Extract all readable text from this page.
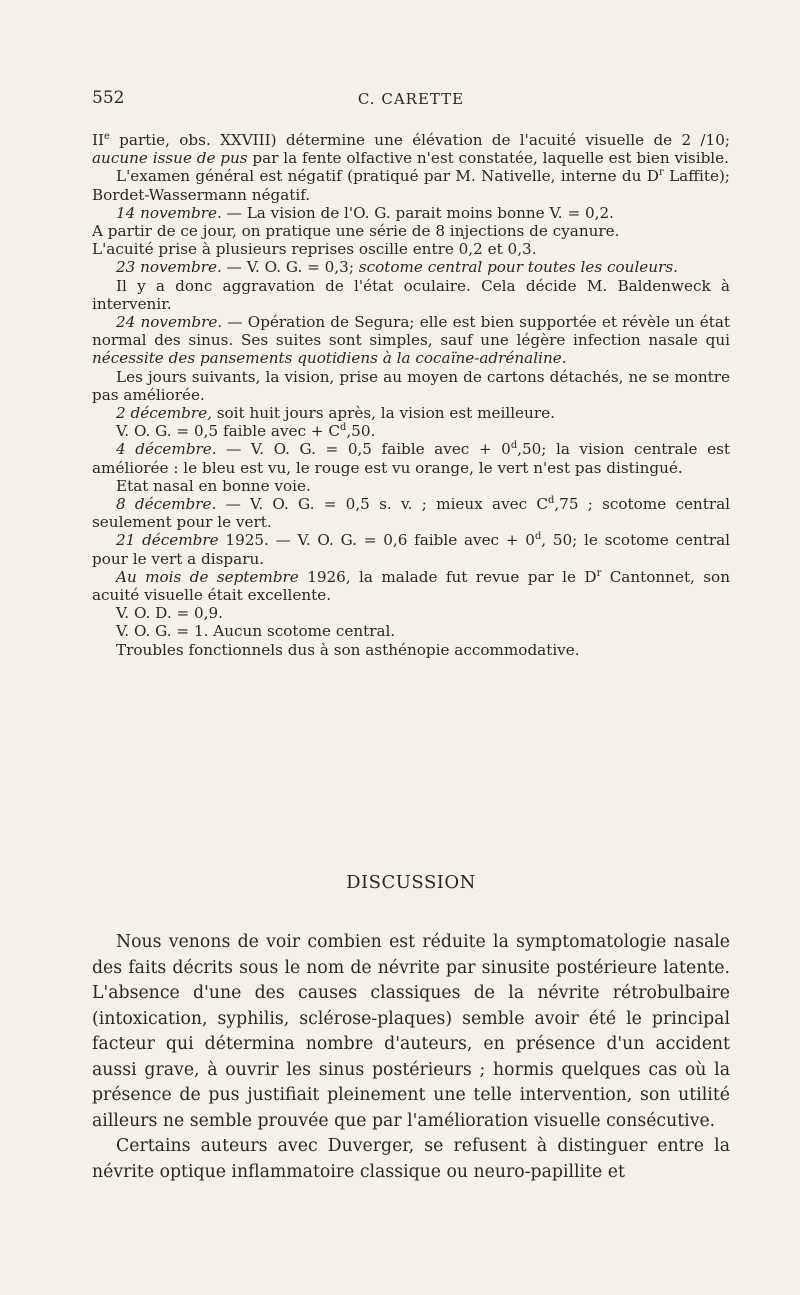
552	C. CARETTE

IIe partie, obs. XXVIII) détermine une élévation de l'acuité visuelle de 2 /10; aucune issue de pus par la fente olfactive n'est constatée, laquelle est bien visible.

L'examen général est négatif (pratiqué par M. Nativelle, interne du $D^r$ Laffite); Bordet-Wassermann négatif.

14 novembre. — La vision de l'O. G. parait moins bonne V. = 0,2.

A partir de ce jour, on pratique une série de 8 injections de cyanure.

L'acuité prise à plusieurs reprises oscille entre 0,2 et 0,3.

23 novembre. — V. O. G. = 0,3; scotome central pour toutes les couleurs.

Il y a donc aggravation de l'état oculaire. Cela décide M. Baldenweck à intervenir.

24 novembre. — Opération de Segura; elle est bien supportée et révèle un état normal des sinus. Ses suites sont simples, sauf une légère infection nasale qui nécessite des pansements quotidiens à la cocaïne-adrénaline.

Les jours suivants, la vision, prise au moyen de cartons détachés, ne se montre pas améliorée.

2 décembre, soit huit jours après, la vision est meilleure.

V. O. G. = 0,5 faible avec + $C^d,50$.

4 décembre. — V. O. G. = 0,5 faible avec + $0^d,50$; la vision centrale est améliorée : le bleu est vu, le rouge est vu orange, le vert n'est pas distingué.

Etat nasal en bonne voie.

8 décembre. — V. O. G. = 0,5 s. v. ; mieux avec $C^d,75$ ; scotome central seulement pour le vert.

21 décembre 1925. — V. O. G. = 0,6 faible avec + $0^d$, 50; le scotome central pour le vert a disparu.

Au mois de septembre 1926, la malade fut revue par le $D^r$ Cantonnet, son acuité visuelle était excellente.

V. O. D. = 0,9.

V. O. G. = 1. Aucun scotome central.

Troubles fonctionnels dus à son asthénopie accommodative.

DISCUSSION

Nous venons de voir combien est réduite la symptomatologie nasale des faits décrits sous le nom de névrite par sinusite postérieure latente. L'absence d'une des causes classiques de la névrite rétrobulbaire (intoxication, syphilis, sclérose-plaques) semble avoir été le principal facteur qui détermina nombre d'auteurs, en présence d'un accident aussi grave, à ouvrir les sinus postérieurs ; hormis quelques cas où la présence de pus justifiait pleinement une telle intervention, son utilité ailleurs ne semble prouvée que par l'amélioration visuelle consécutive.

Certains auteurs avec Duverger, se refusent à distinguer entre la névrite optique inflammatoire classique ou neuro-papillite et
